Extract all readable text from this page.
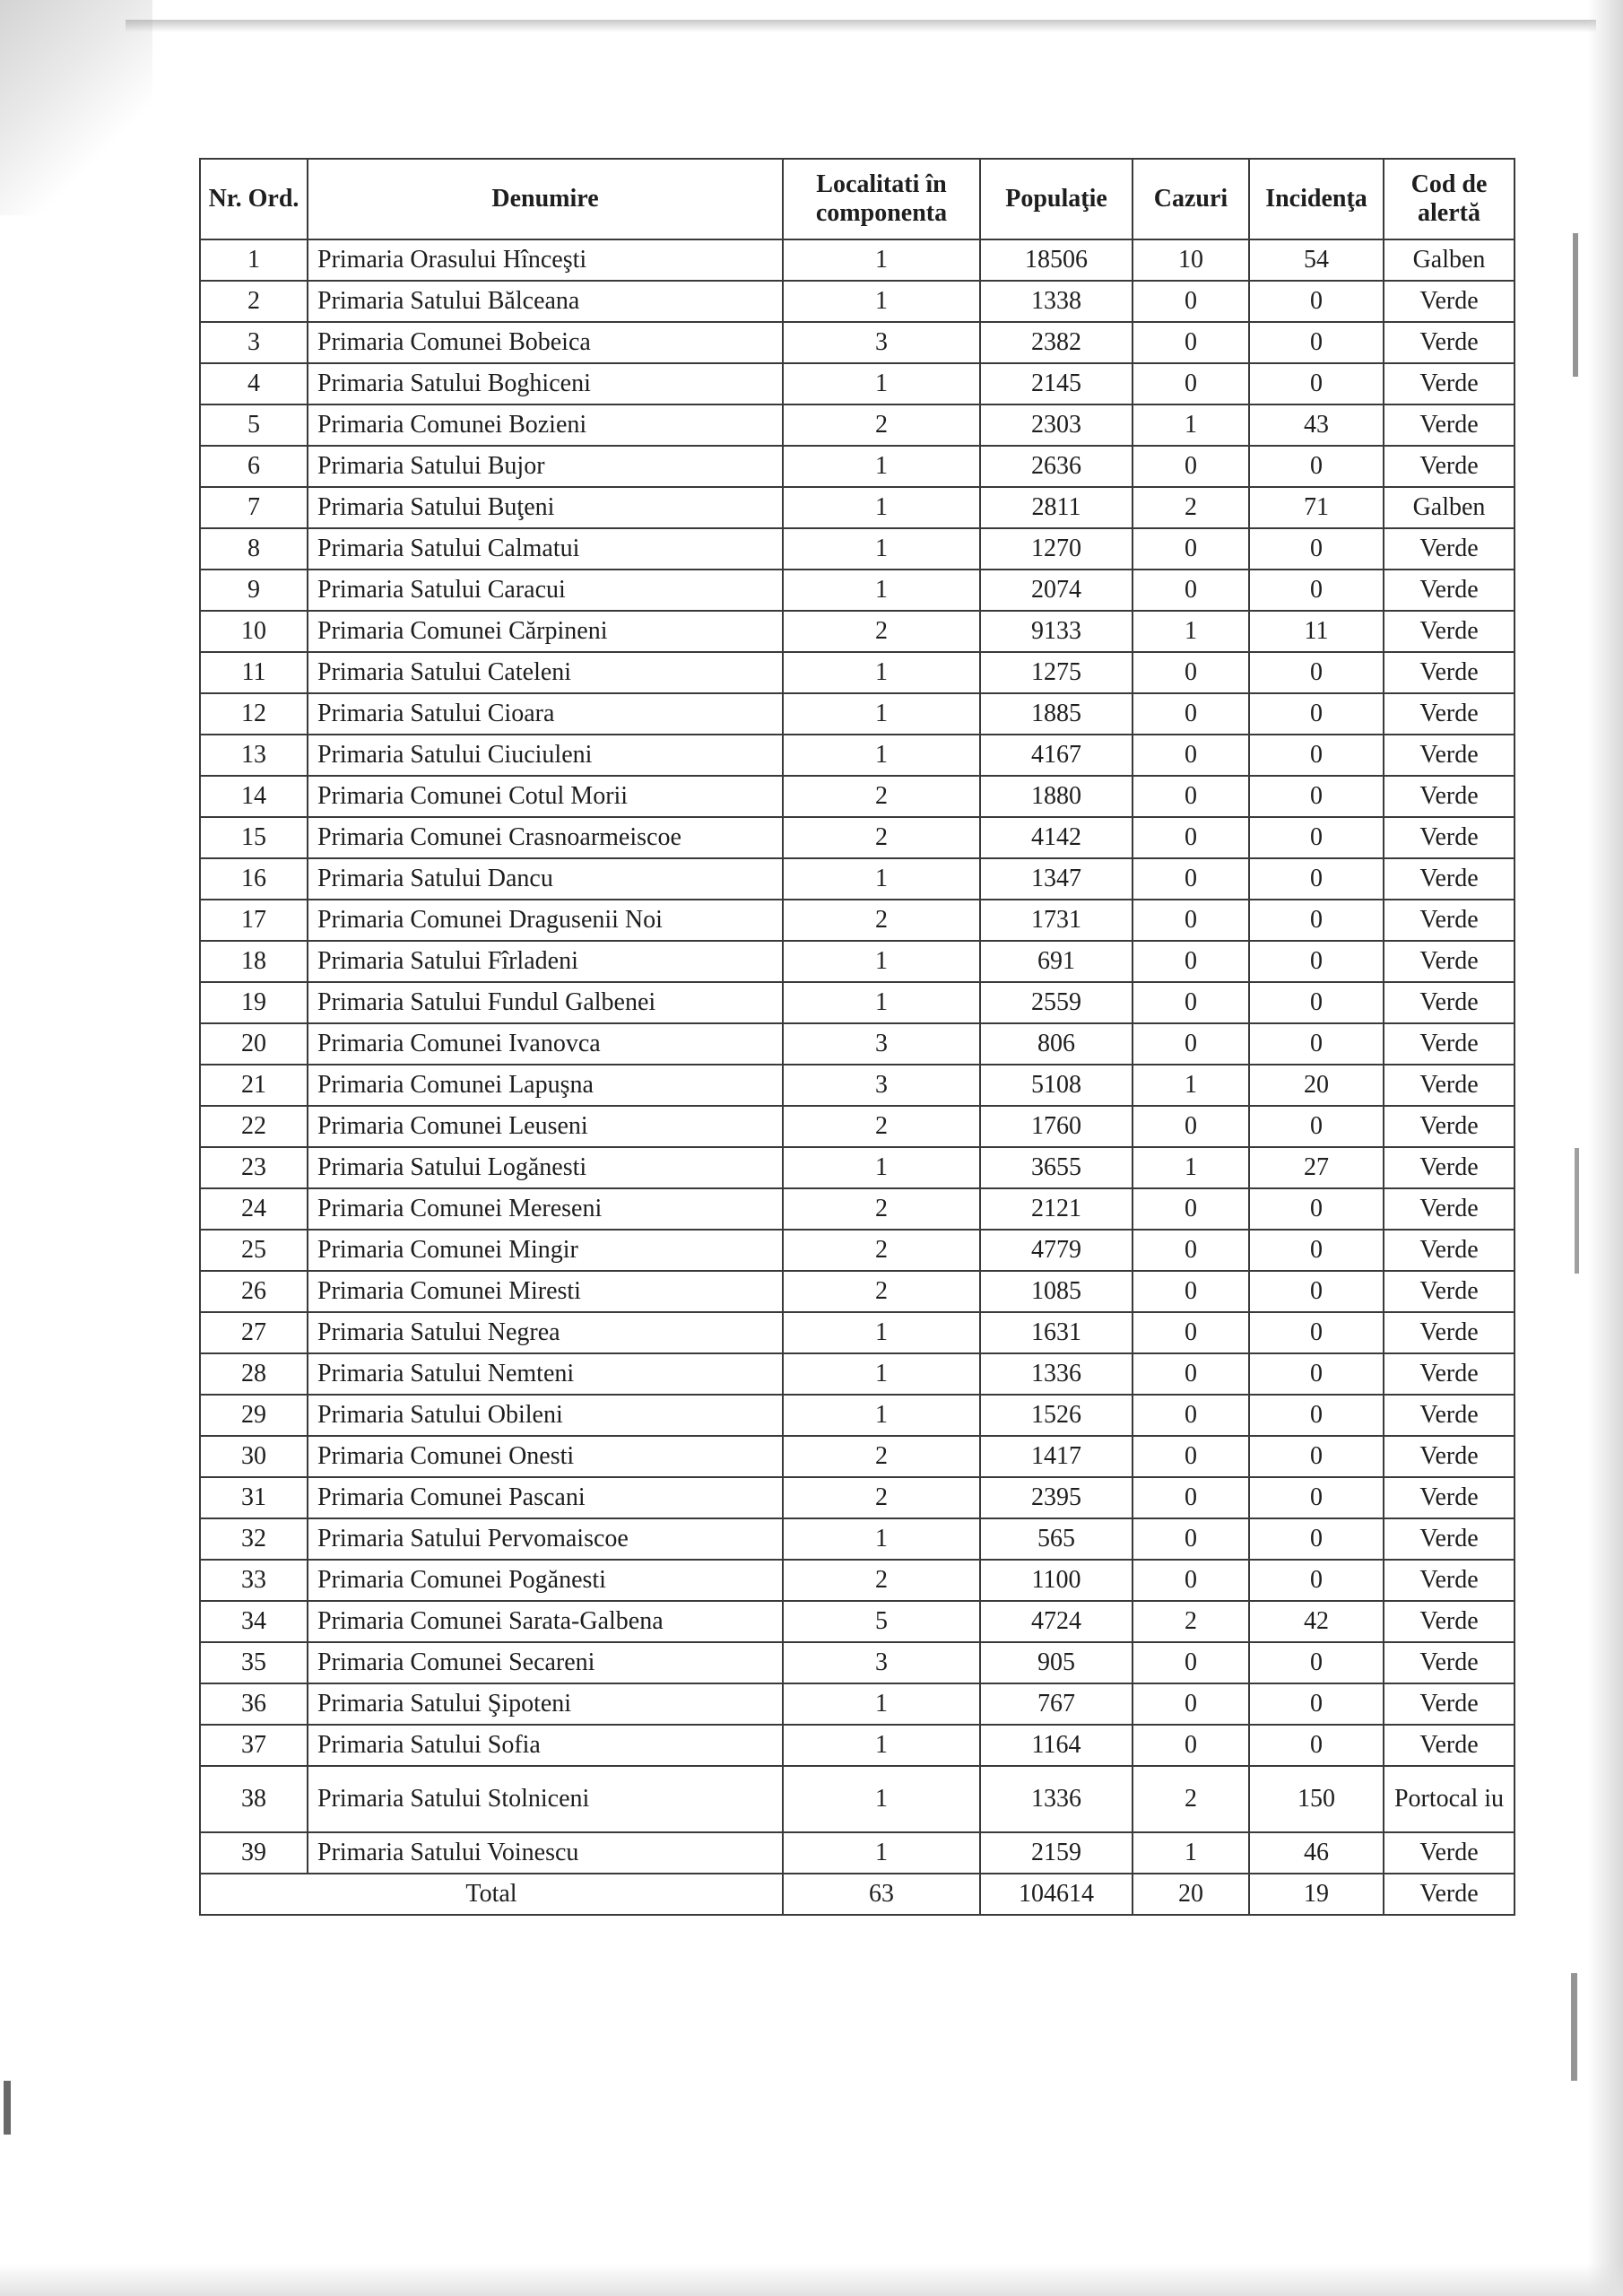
Nr. Ord.	Denumire	Localitati în componenta	Populaţie	Cazuri	Incidenţa	Cod de alertă
1	Primaria Orasului Hînceşti	1	18506	10	54	Galben
2	Primaria Satului Bălceana	1	1338	0	0	Verde
3	Primaria Comunei Bobeica	3	2382	0	0	Verde
4	Primaria Satului Boghiceni	1	2145	0	0	Verde
5	Primaria Comunei Bozieni	2	2303	1	43	Verde
6	Primaria Satului Bujor	1	2636	0	0	Verde
7	Primaria Satului Buţeni	1	2811	2	71	Galben
8	Primaria Satului Calmatui	1	1270	0	0	Verde
9	Primaria Satului Caracui	1	2074	0	0	Verde
10	Primaria Comunei Cărpineni	2	9133	1	11	Verde
11	Primaria Satului Cateleni	1	1275	0	0	Verde
12	Primaria Satului Cioara	1	1885	0	0	Verde
13	Primaria Satului Ciuciuleni	1	4167	0	0	Verde
14	Primaria Comunei Cotul Morii	2	1880	0	0	Verde
15	Primaria Comunei Crasnoarmeiscoe	2	4142	0	0	Verde
16	Primaria Satului Dancu	1	1347	0	0	Verde
17	Primaria Comunei Dragusenii Noi	2	1731	0	0	Verde
18	Primaria Satului Fîrladeni	1	691	0	0	Verde
19	Primaria Satului Fundul Galbenei	1	2559	0	0	Verde
20	Primaria Comunei Ivanovca	3	806	0	0	Verde
21	Primaria Comunei Lapuşna	3	5108	1	20	Verde
22	Primaria Comunei Leuseni	2	1760	0	0	Verde
23	Primaria Satului Logănesti	1	3655	1	27	Verde
24	Primaria Comunei Mereseni	2	2121	0	0	Verde
25	Primaria Comunei Mingir	2	4779	0	0	Verde
26	Primaria Comunei Miresti	2	1085	0	0	Verde
27	Primaria Satului Negrea	1	1631	0	0	Verde
28	Primaria Satului Nemteni	1	1336	0	0	Verde
29	Primaria Satului Obileni	1	1526	0	0	Verde
30	Primaria Comunei Onesti	2	1417	0	0	Verde
31	Primaria Comunei Pascani	2	2395	0	0	Verde
32	Primaria Satului Pervomaiscoe	1	565	0	0	Verde
33	Primaria Comunei Pogănesti	2	1100	0	0	Verde
34	Primaria Comunei Sarata-Galbena	5	4724	2	42	Verde
35	Primaria Comunei Secareni	3	905	0	0	Verde
36	Primaria Satului Şipoteni	1	767	0	0	Verde
37	Primaria Satului Sofia	1	1164	0	0	Verde
38	Primaria Satului Stolniceni	1	1336	2	150	Portocal iu
39	Primaria Satului Voinescu	1	2159	1	46	Verde
Total		63	104614	20	19	Verde
